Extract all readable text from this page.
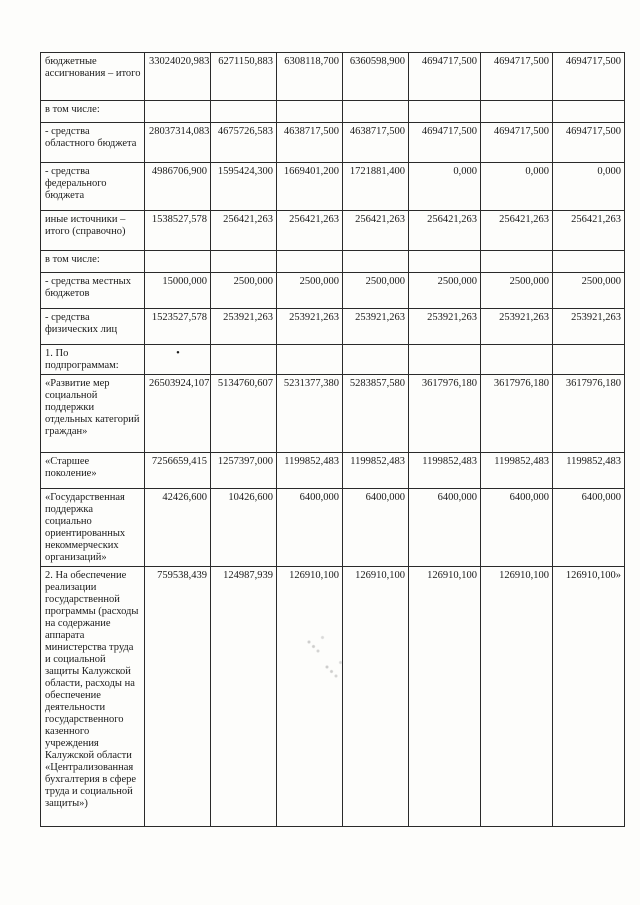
бюджетные ассигнования – итого	33024020,983	6271150,883	6308118,700	6360598,900	4694717,500	4694717,500	4694717,500
в том числе:							
- средства областного бюджета	28037314,083	4675726,583	4638717,500	4638717,500	4694717,500	4694717,500	4694717,500
- средства федерального бюджета	4986706,900	1595424,300	1669401,200	1721881,400	0,000	0,000	0,000
иные источники – итого (справочно)	1538527,578	256421,263	256421,263	256421,263	256421,263	256421,263	256421,263
в том числе:							
- средства местных бюджетов	15000,000	2500,000	2500,000	2500,000	2500,000	2500,000	2500,000
- средства физических лиц	1523527,578	253921,263	253921,263	253921,263	253921,263	253921,263	253921,263
1. По подпрограммам:	•						
«Развитие мер социальной поддержки отдельных категорий граждан»	26503924,107	5134760,607	5231377,380	5283857,580	3617976,180	3617976,180	3617976,180
«Старшее поколение»	7256659,415	1257397,000	1199852,483	1199852,483	1199852,483	1199852,483	1199852,483
«Государственная поддержка социально ориентированных некоммерческих организаций»	42426,600	10426,600	6400,000	6400,000	6400,000	6400,000	6400,000
2. На обеспечение реализации государственной программы (расходы на содержание аппарата министерства труда и социальной защиты Калужской области, расходы на обеспечение деятельности государственного казенного учреждения Калужской области «Централизованная бухгалтерия в сфере труда и социальной защиты»)	759538,439	124987,939	126910,100	126910,100	126910,100	126910,100	126910,100»
